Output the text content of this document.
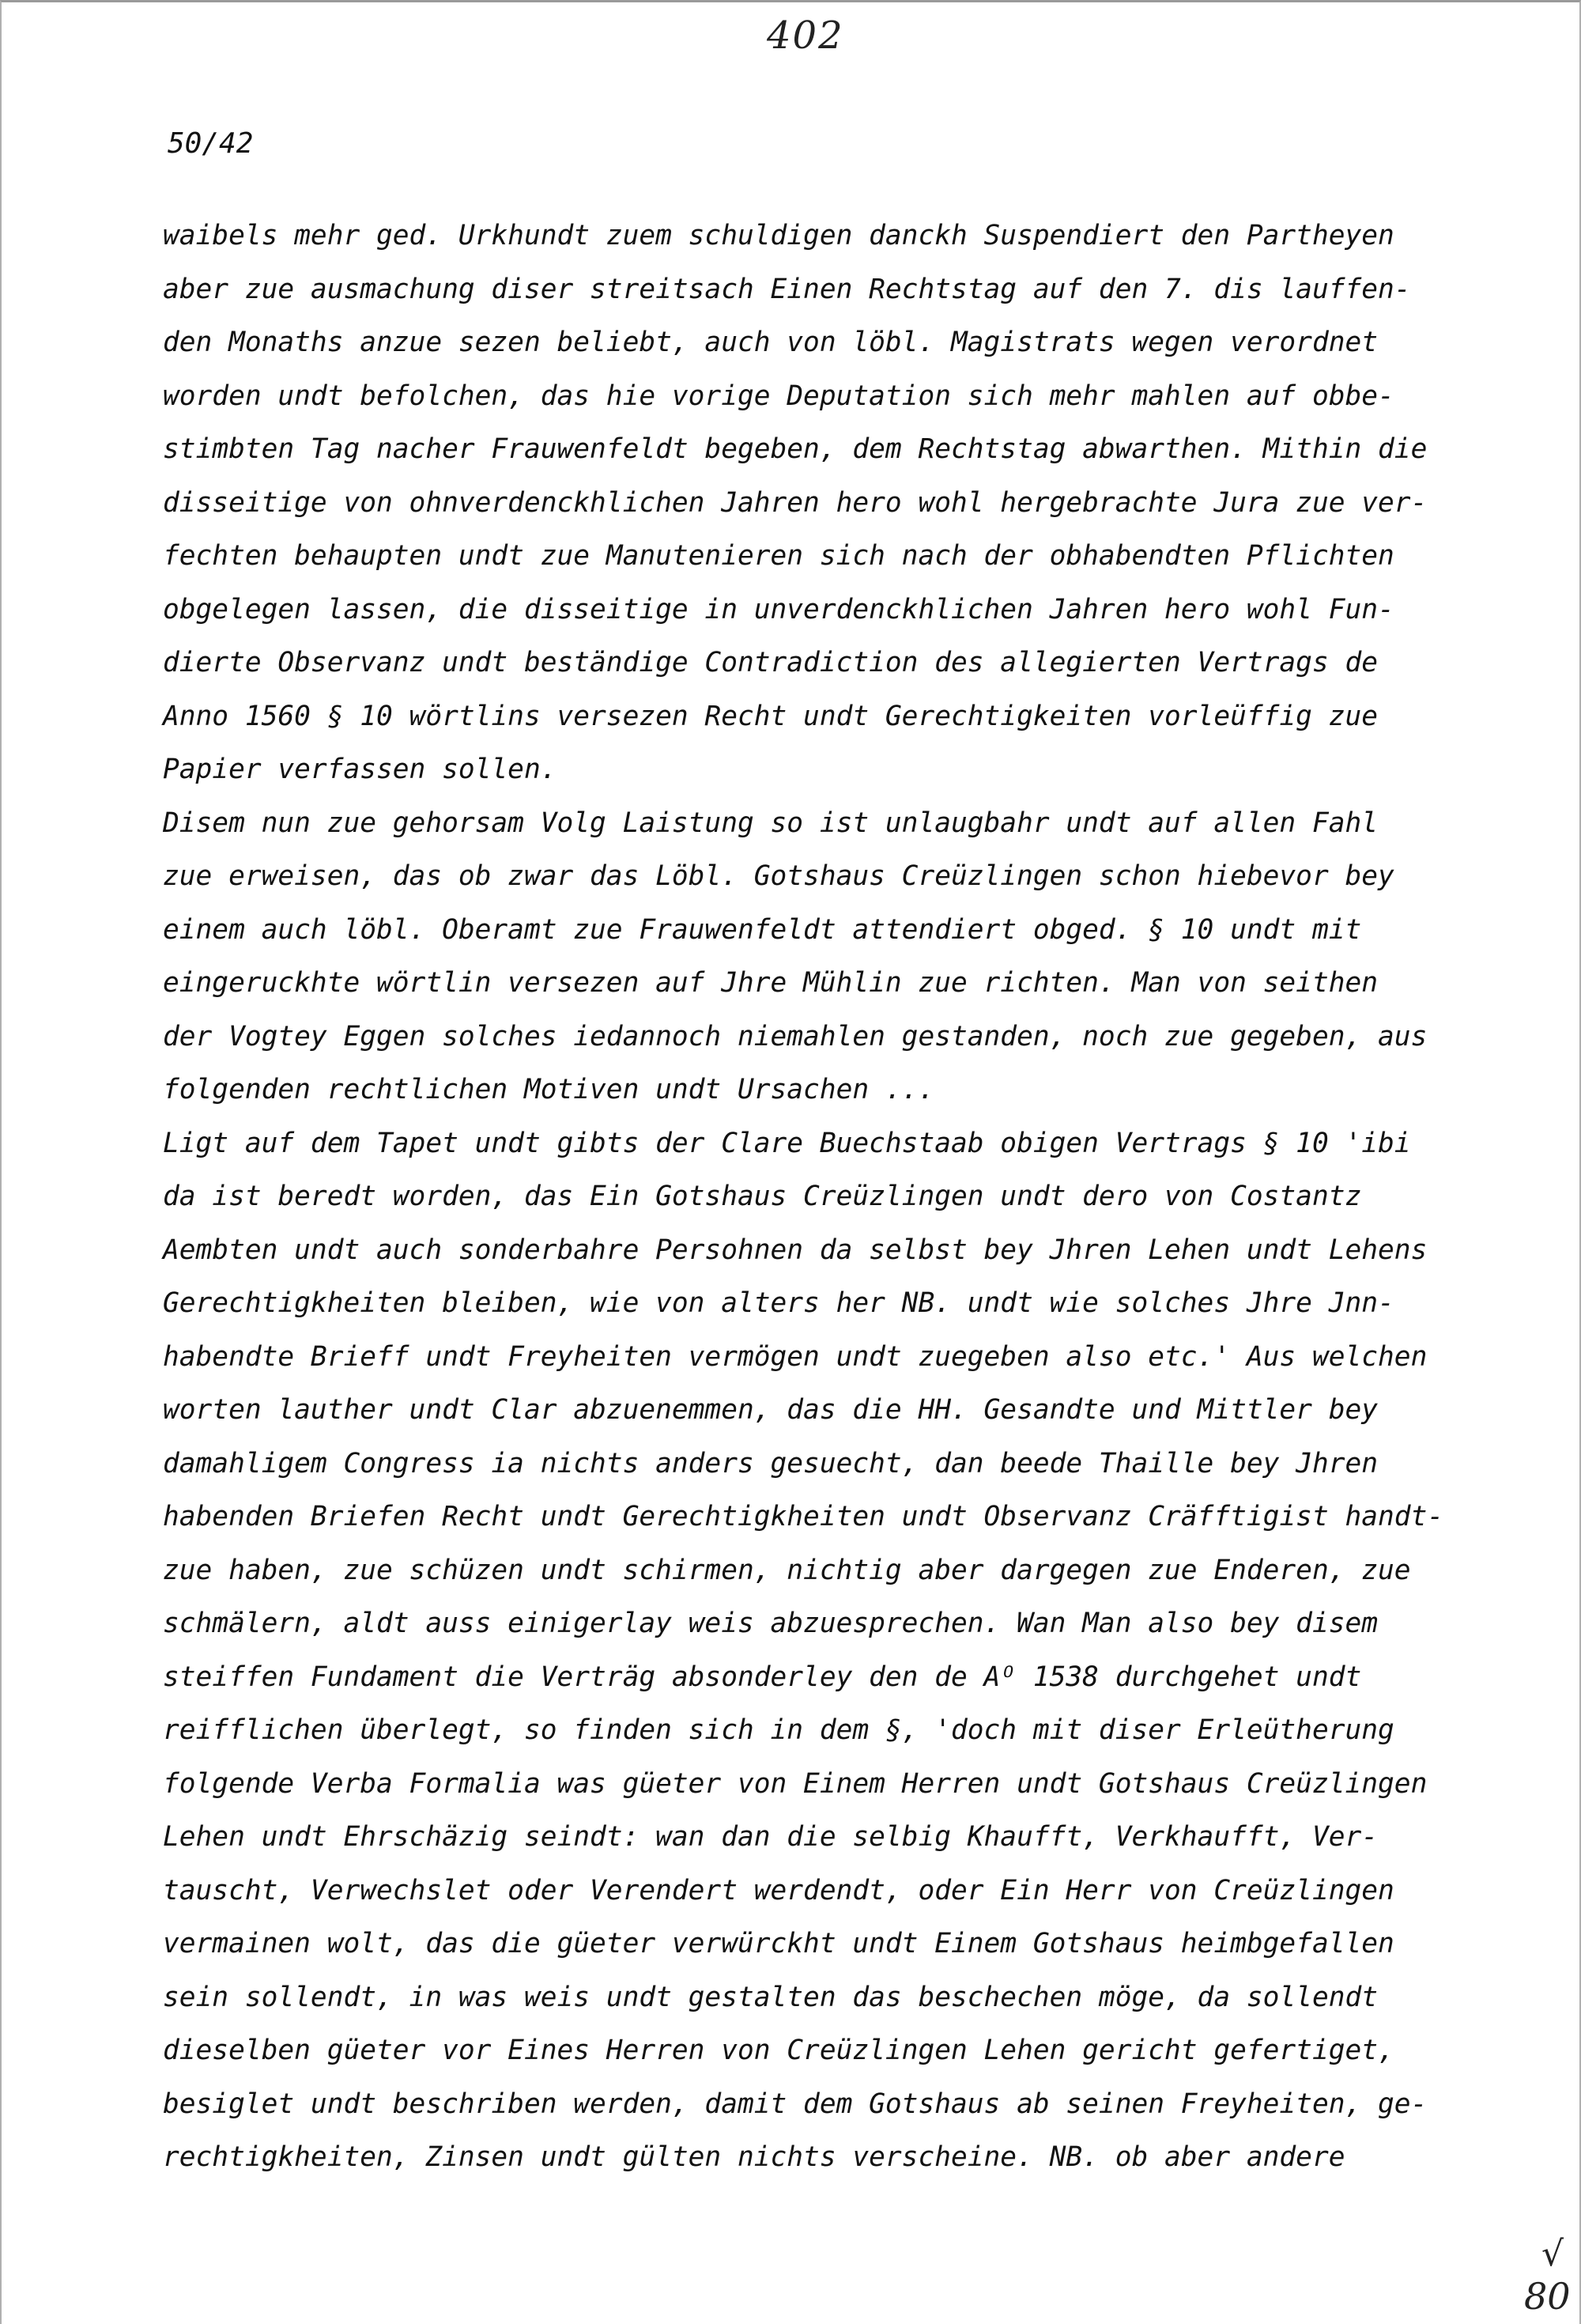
402
50/42
waibels mehr ged. Urkhundt zuem schuldigen danckh Suspendiert den Partheyen
aber zue ausmachung diser streitsach Einen Rechtstag auf den 7. dis lauffen-
den Monaths anzue sezen beliebt, auch von löbl. Magistrats wegen verordnet
worden undt befolchen, das hie vorige Deputation sich mehr mahlen auf obbe-
stimbten Tag nacher Frauwenfeldt begeben, dem Rechtstag abwarthen. Mithin die
disseitige von ohnverdenckhlichen Jahren hero wohl hergebrachte Jura zue ver-
fechten behaupten undt zue Manutenieren sich nach der obhabendten Pflichten
obgelegen lassen, die disseitige in unverdenckhlichen Jahren hero wohl Fun-
dierte Observanz undt beständige Contradiction des allegierten Vertrags de
Anno 1560 § 10 wörtlins versezen Recht undt Gerechtigkeiten vorleüffig zue
Papier verfassen sollen.
Disem nun zue gehorsam Volg Laistung so ist unlaugbahr undt auf allen Fahl
zue erweisen, das ob zwar das Löbl. Gotshaus Creüzlingen schon hiebevor bey
einem auch löbl. Oberamt zue Frauwenfeldt attendiert obged. § 10 undt mit
eingeruckhte wörtlin versezen auf Jhre Mühlin zue richten. Man von seithen
der Vogtey Eggen solches iedannoch niemahlen gestanden, noch zue gegeben, aus
folgenden rechtlichen Motiven undt Ursachen ...
Ligt auf dem Tapet undt gibts der Clare Buechstaab obigen Vertrags § 10 'ibi
da ist beredt worden, das Ein Gotshaus Creüzlingen undt dero von Costantz
Aembten undt auch sonderbahre Persohnen da selbst bey Jhren Lehen undt Lehens
Gerechtigkheiten bleiben, wie von alters her NB. undt wie solches Jhre Jnn-
habendte Brieff undt Freyheiten vermögen undt zuegeben also etc.' Aus welchen
worten lauther undt Clar abzuenemmen, das die HH. Gesandte und Mittler bey
damahligem Congress ia nichts anders gesuecht, dan beede Thaille bey Jhren
habenden Briefen Recht undt Gerechtigkheiten undt Observanz Cräfftigist handt-
zue haben, zue schüzen undt schirmen, nichtig aber dargegen zue Enderen, zue
schmälern, aldt auss einigerlay weis abzuesprechen. Wan Man also bey disem
steiffen Fundament die Verträg absonderley den de Aᴼ 1538 durchgehet undt
reifflichen überlegt, so finden sich in dem §, 'doch mit diser Erleütherung
folgende Verba Formalia was güeter von Einem Herren undt Gotshaus Creüzlingen
Lehen undt Ehrschäzig seindt: wan dan die selbig Khaufft, Verkhaufft, Ver-
tauscht, Verwechslet oder Verendert werdendt, oder Ein Herr von Creüzlingen
vermainen wolt, das die güeter verwürckht undt Einem Gotshaus heimbgefallen
sein sollendt, in was weis undt gestalten das beschechen möge, da sollendt
dieselben güeter vor Eines Herren von Creüzlingen Lehen gericht gefertiget,
besiglet undt beschriben werden, damit dem Gotshaus ab seinen Freyheiten, ge-
rechtigkheiten, Zinsen undt gülten nichts verscheine. NB. ob aber andere
√
80
